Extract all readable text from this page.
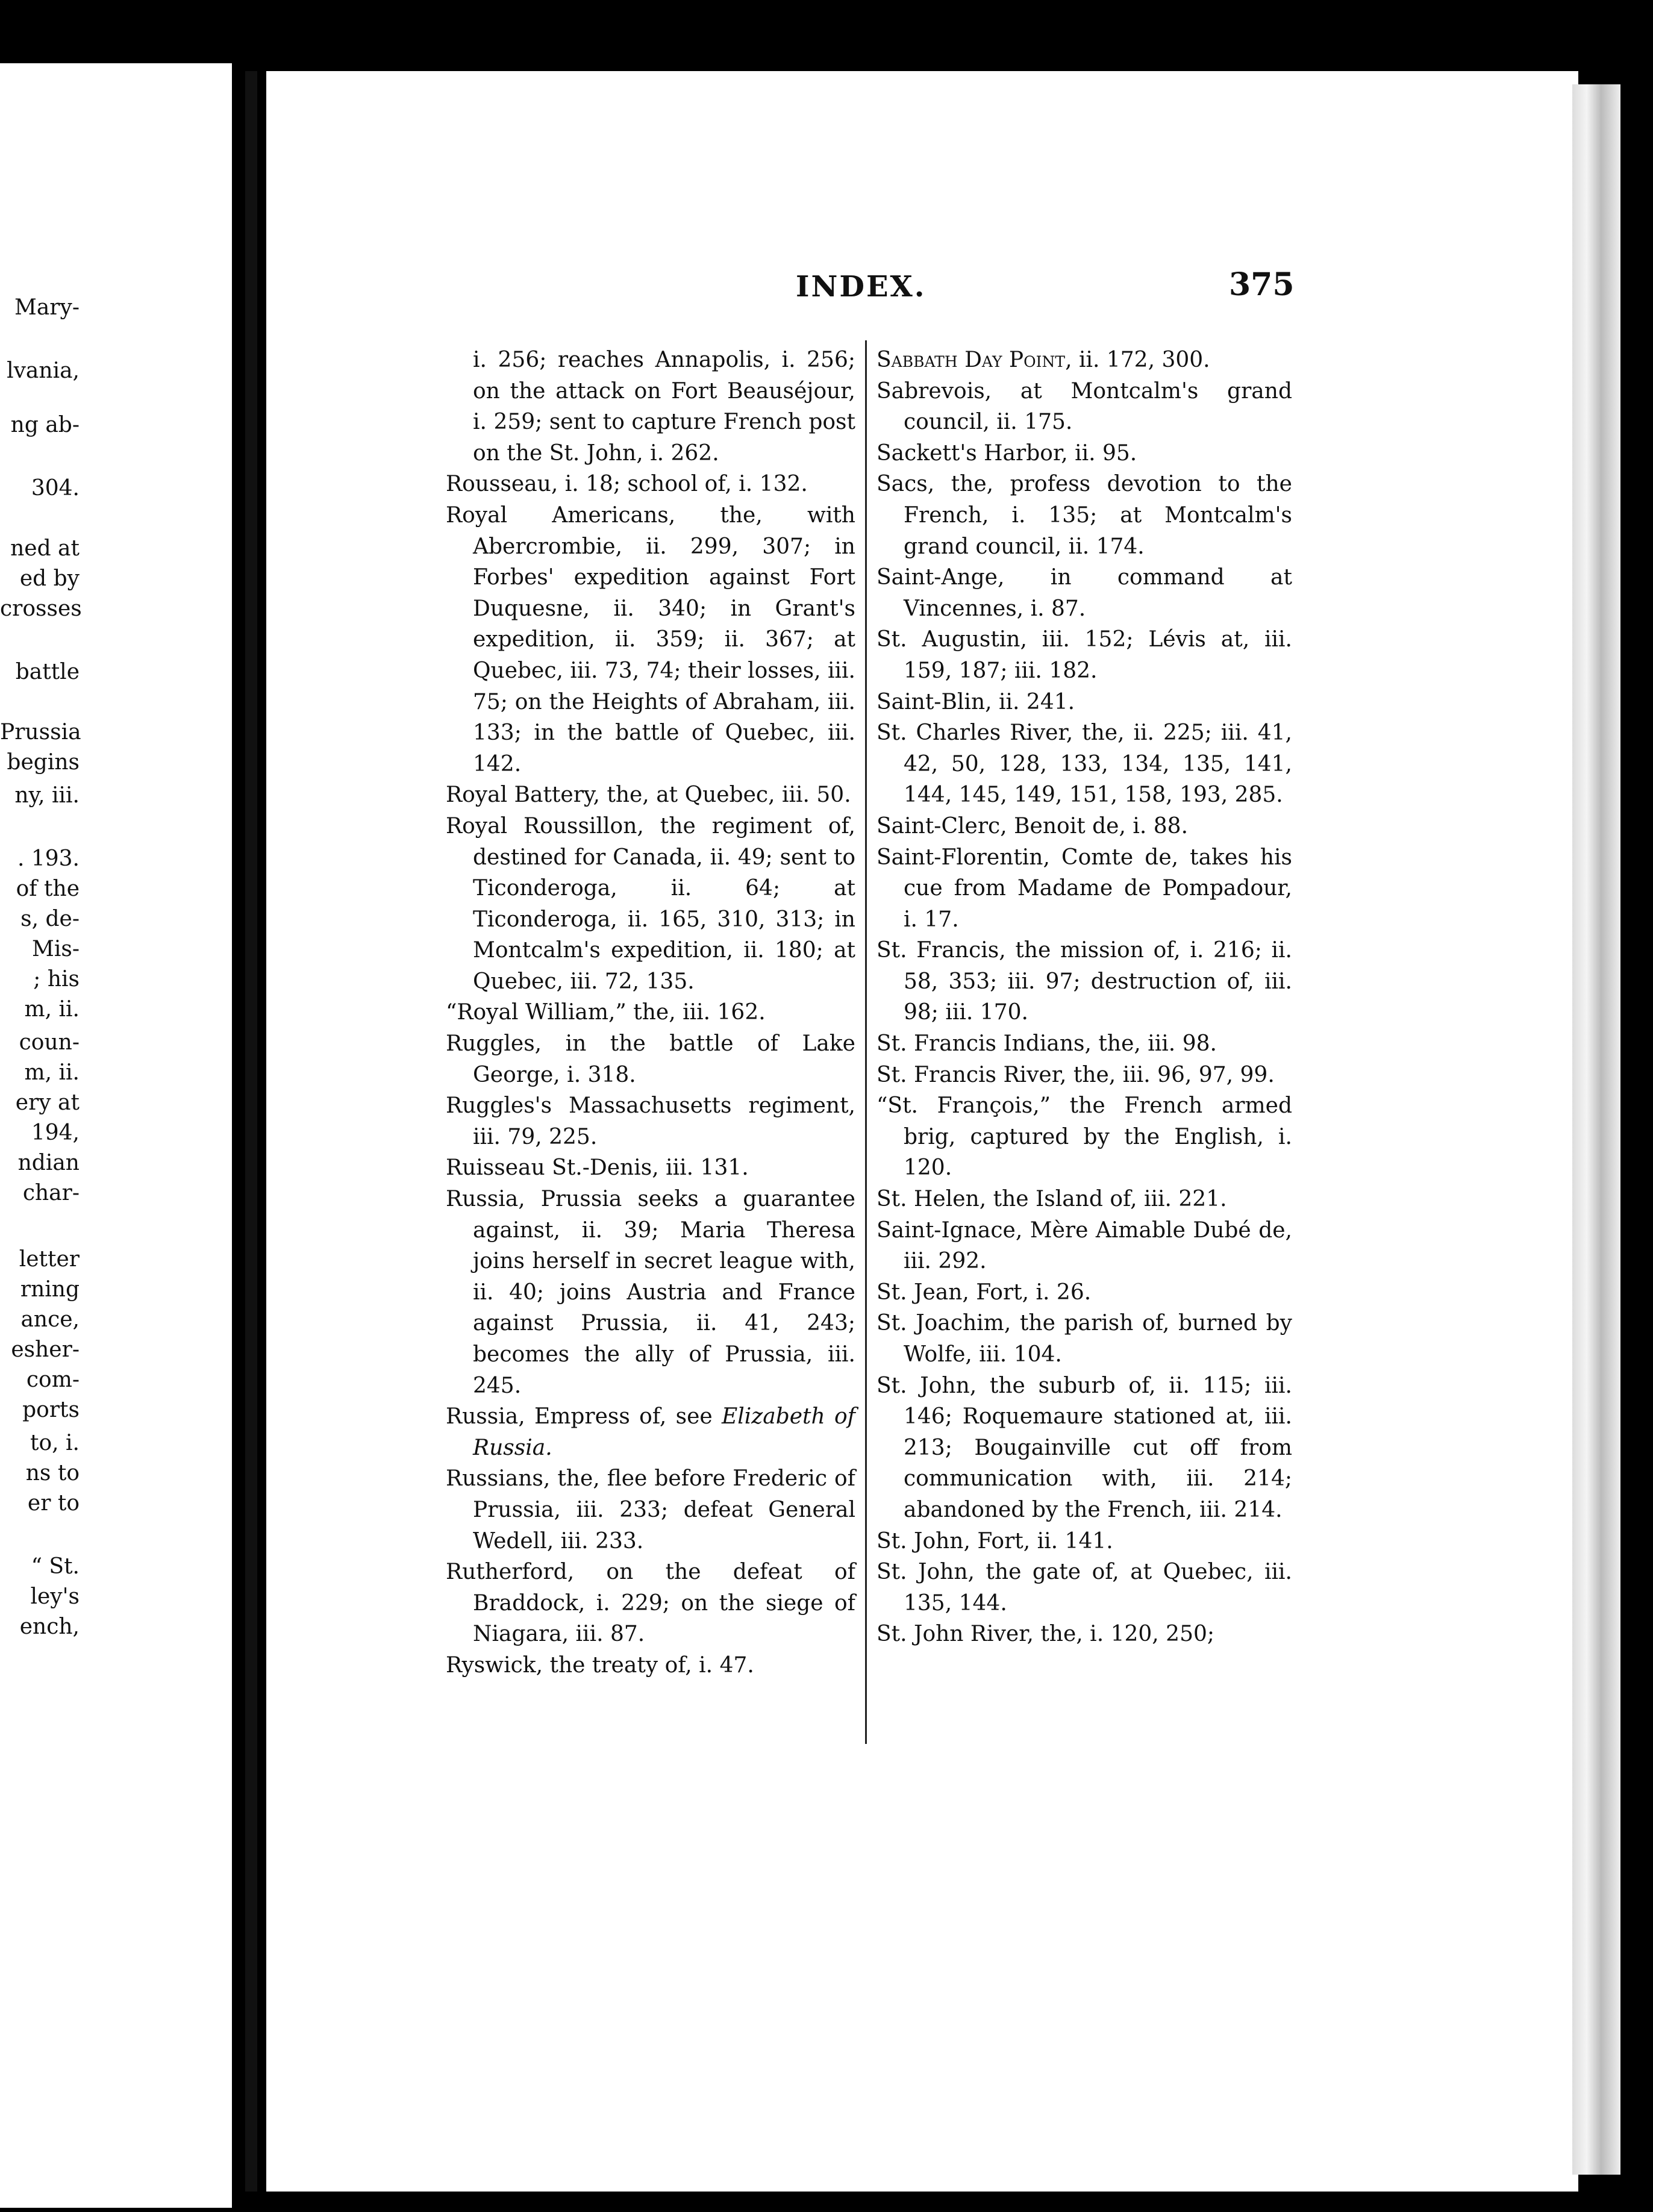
Mary-
lvania,
ng ab-
304.
ned at
ed by
crosses
battle
Prussia
begins
ny, iii.
. 193.
of the
s, de-
Mis-
; his
m, ii.
coun-
m, ii.
ery at
194,
ndian
char-
letter
rning
ance,
esher-
com-
ports
to, i.
ns to
er to
“ St.
ley's
ench,
INDEX.	375

i. 256; reaches Annapolis, i. 256; on the attack on Fort Beauséjour, i. 259; sent to capture French post on the St. John, i. 262.

Rousseau, i. 18; school of, i. 132.

Royal Americans, the, with Abercrombie, ii. 299, 307; in Forbes' expedition against Fort Duquesne, ii. 340; in Grant's expedition, ii. 359; ii. 367; at Quebec, iii. 73, 74; their losses, iii. 75; on the Heights of Abraham, iii. 133; in the battle of Quebec, iii. 142.

Royal Battery, the, at Quebec, iii. 50.

Royal Roussillon, the regiment of, destined for Canada, ii. 49; sent to Ticonderoga, ii. 64; at Ticonderoga, ii. 165, 310, 313; in Montcalm's expedition, ii. 180; at Quebec, iii. 72, 135.

“Royal William,” the, iii. 162.

Ruggles, in the battle of Lake George, i. 318.

Ruggles's Massachusetts regiment, iii. 79, 225.

Ruisseau St.-Denis, iii. 131.

Russia, Prussia seeks a guarantee against, ii. 39; Maria Theresa joins herself in secret league with, ii. 40; joins Austria and France against Prussia, ii. 41, 243; becomes the ally of Prussia, iii. 245.

Russia, Empress of, see Elizabeth of Russia.

Russians, the, flee before Frederic of Prussia, iii. 233; defeat General Wedell, iii. 233.

Rutherford, on the defeat of Braddock, i. 229; on the siege of Niagara, iii. 87.

Ryswick, the treaty of, i. 47.

Sabbath Day Point, ii. 172, 300.

Sabrevois, at Montcalm's grand council, ii. 175.

Sackett's Harbor, ii. 95.

Sacs, the, profess devotion to the French, i. 135; at Montcalm's grand council, ii. 174.

Saint-Ange, in command at Vincennes, i. 87.

St. Augustin, iii. 152; Lévis at, iii. 159, 187; iii. 182.

Saint-Blin, ii. 241.

St. Charles River, the, ii. 225; iii. 41, 42, 50, 128, 133, 134, 135, 141, 144, 145, 149, 151, 158, 193, 285.

Saint-Clerc, Benoit de, i. 88.

Saint-Florentin, Comte de, takes his cue from Madame de Pompadour, i. 17.

St. Francis, the mission of, i. 216; ii. 58, 353; iii. 97; destruction of, iii. 98; iii. 170.

St. Francis Indians, the, iii. 98.

St. Francis River, the, iii. 96, 97, 99.

“St. François,” the French armed brig, captured by the English, i. 120.

St. Helen, the Island of, iii. 221.

Saint-Ignace, Mère Aimable Dubé de, iii. 292.

St. Jean, Fort, i. 26.

St. Joachim, the parish of, burned by Wolfe, iii. 104.

St. John, the suburb of, ii. 115; iii. 146; Roquemaure stationed at, iii. 213; Bougainville cut off from communication with, iii. 214; abandoned by the French, iii. 214.

St. John, Fort, ii. 141.

St. John, the gate of, at Quebec, iii. 135, 144.

St. John River, the, i. 120, 250;
